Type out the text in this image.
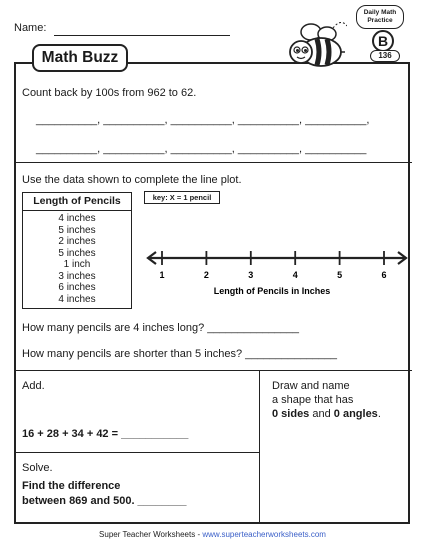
Name:
Daily Math
Practice
B
136
Math Buzz
Count back by 100s from 962 to 62.
__________, __________, __________, __________, __________,
__________, __________, __________, __________, __________
Use the data shown to complete the line plot.
Length of Pencils
4 inches
5 inches
2 inches
5 inches
1 inch
3 inches
6 inches
4 inches
key: X = 1 pencil
1	2	3	4	5	6
Length of Pencils in Inches
How many pencils are 4 inches long? _______________
How many pencils are shorter than 5 inches? _______________
Add.
16 + 28 + 34 + 42 = ___________
Draw and name
a shape that has
0 sides and 0 angles.
Solve.
Find the difference
between 869 and 500. ________
Super Teacher Worksheets - www.superteacherworksheets.com
